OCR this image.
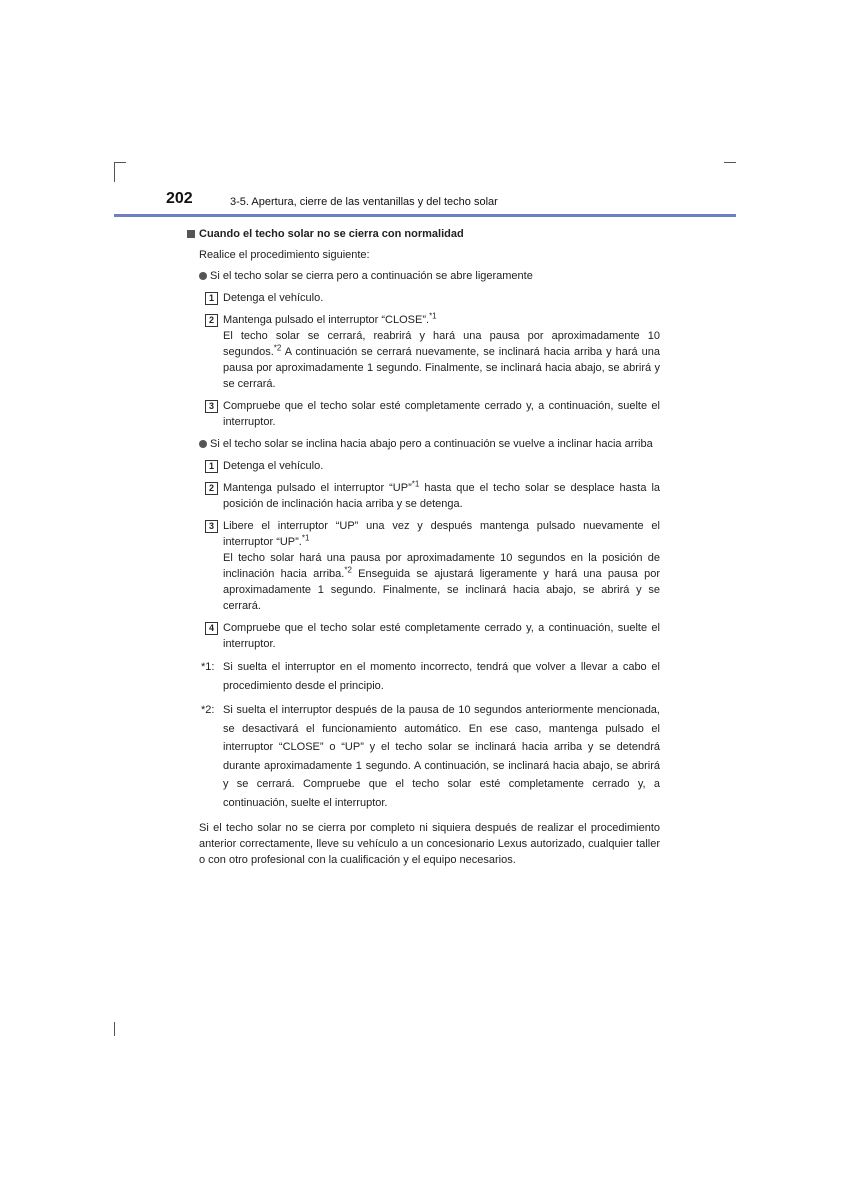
202	3-5. Apertura, cierre de las ventanillas y del techo solar
Cuando el techo solar no se cierra con normalidad
Realice el procedimiento siguiente:
Si el techo solar se cierra pero a continuación se abre ligeramente
1 Detenga el vehículo.
2 Mantenga pulsado el interruptor “CLOSE”.$^{*1}$

El techo solar se cerrará, reabrirá y hará una pausa por aproximadamente 10 segundos.$^{*2}$ A continuación se cerrará nuevamente, se inclinará hacia arriba y hará una pausa por aproximadamente 1 segundo. Finalmente, se inclinará hacia abajo, se abrirá y se cerrará.

3 Compruebe que el techo solar esté completamente cerrado y, a continuación, suelte el interruptor.
Si el techo solar se inclina hacia abajo pero a continuación se vuelve a inclinar hacia arriba
1 Detenga el vehículo.
2 Mantenga pulsado el interruptor “UP”$^{*1}$ hasta que el techo solar se desplace hasta la posición de inclinación hacia arriba y se detenga.

3 Libere el interruptor “UP” una vez y después mantenga pulsado nuevamente el interruptor “UP”.$^{*1}$

El techo solar hará una pausa por aproximadamente 10 segundos en la posición de inclinación hacia arriba.$^{*2}$ Enseguida se ajustará ligeramente y hará una pausa por aproximadamente 1 segundo. Finalmente, se inclinará hacia abajo, se abrirá y se cerrará.

4 Compruebe que el techo solar esté completamente cerrado y, a continuación, suelte el interruptor.
*1: Si suelta el interruptor en el momento incorrecto, tendrá que volver a llevar a cabo el procedimiento desde el principio.
*2: Si suelta el interruptor después de la pausa de 10 segundos anteriormente mencionada, se desactivará el funcionamiento automático. En ese caso, mantenga pulsado el interruptor “CLOSE” o “UP” y el techo solar se inclinará hacia arriba y se detendrá durante aproximadamente 1 segundo. A continuación, se inclinará hacia abajo, se abrirá y se cerrará. Compruebe que el techo solar esté completamente cerrado y, a continuación, suelte el interruptor.
Si el techo solar no se cierra por completo ni siquiera después de realizar el procedimiento anterior correctamente, lleve su vehículo a un concesionario Lexus autorizado, cualquier taller o con otro profesional con la cualificación y el equipo necesarios.
